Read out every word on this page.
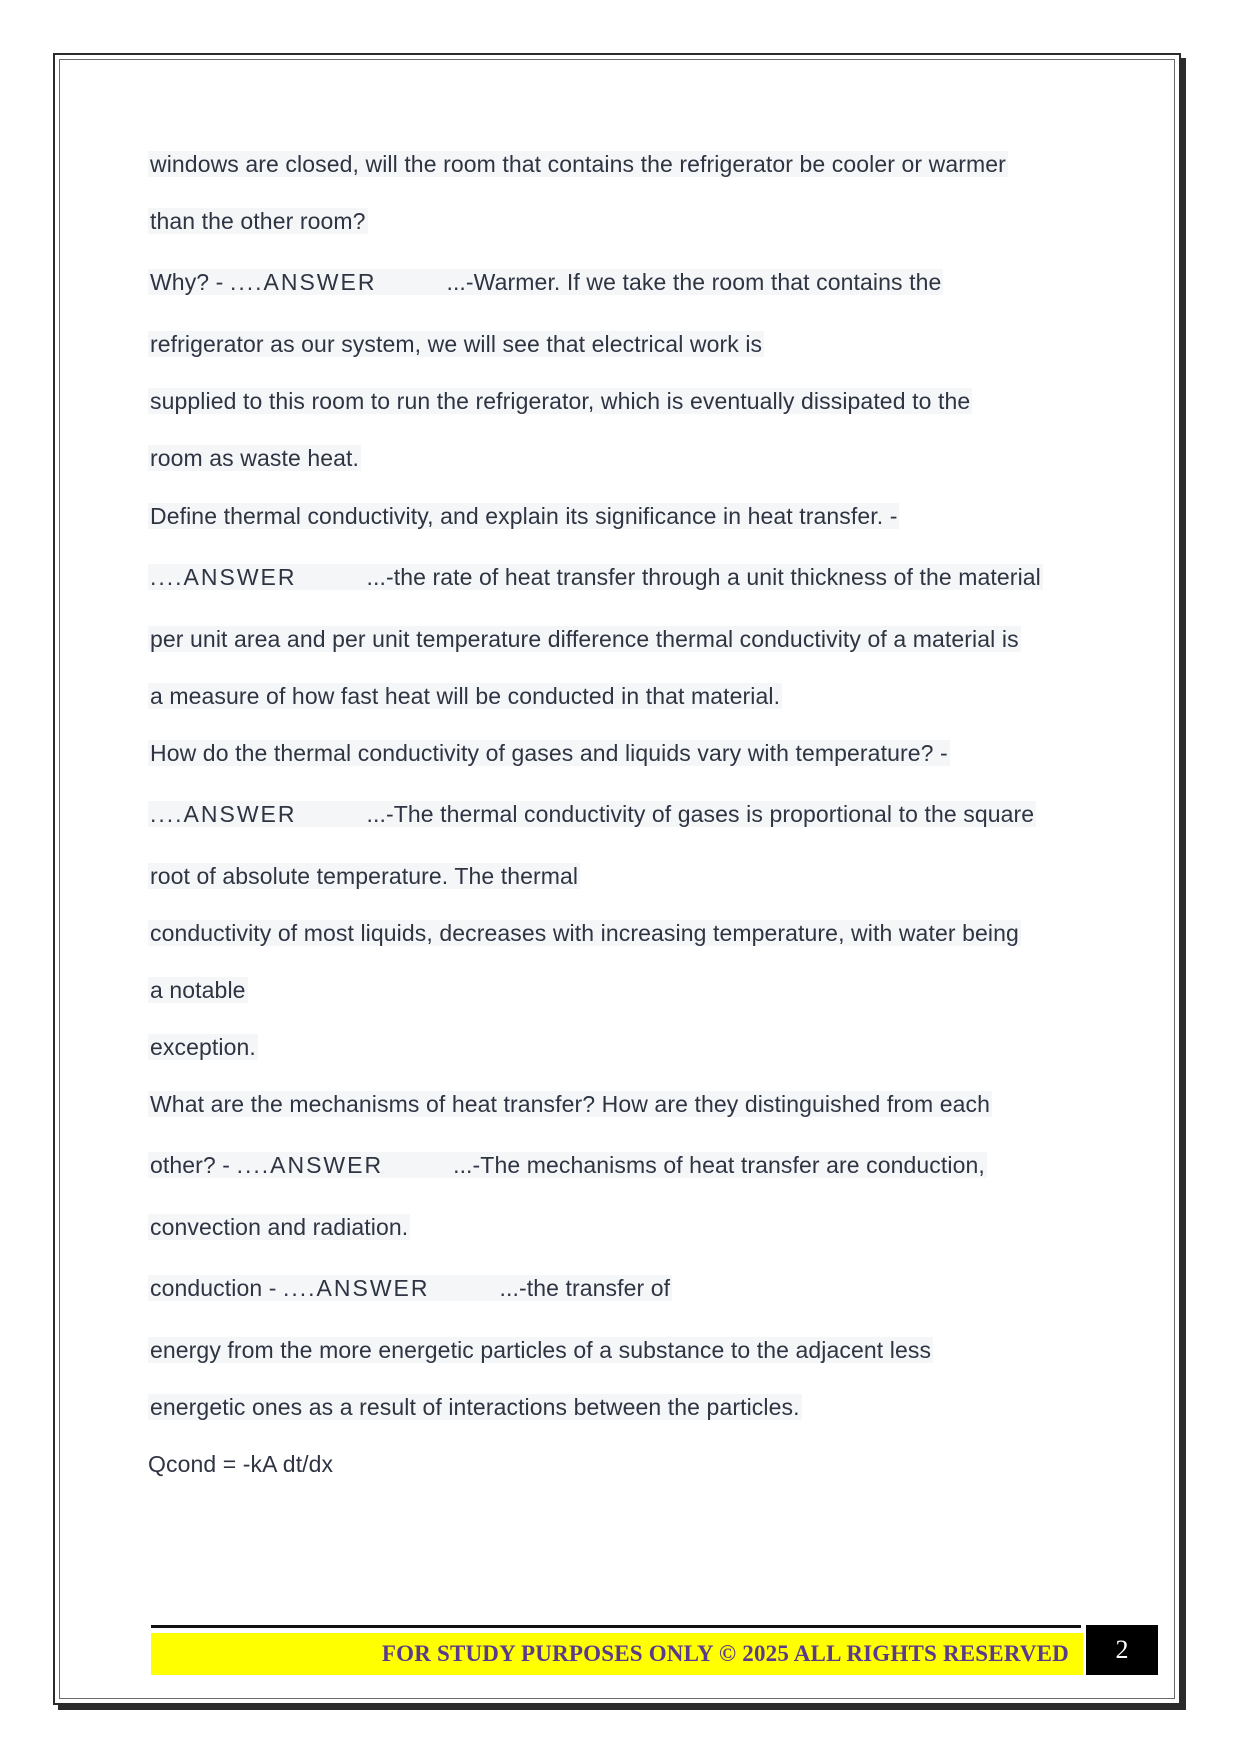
windows are closed, will the room that contains the refrigerator be cooler or warmer

than the other room?

Why? - ....ANSWER	...-Warmer. If we take the room that contains the

refrigerator as our system, we will see that electrical work is

supplied to this room to run the refrigerator, which is eventually dissipated to the

room as waste heat.

Define thermal conductivity, and explain its significance in heat transfer. -

....ANSWER	...-the rate of heat transfer through a unit thickness of the material

per unit area and per unit temperature difference thermal conductivity of a material is

a measure of how fast heat will be conducted in that material.

How do the thermal conductivity of gases and liquids vary with temperature? -

....ANSWER	...-The thermal conductivity of gases is proportional to the square

root of absolute temperature. The thermal

conductivity of most liquids, decreases with increasing temperature, with water being

a notable

exception.

What are the mechanisms of heat transfer? How are they distinguished from each

other? - ....ANSWER	...-The mechanisms of heat transfer are conduction,

convection and radiation.

conduction - ....ANSWER	...-the transfer of

energy from the more energetic particles of a substance to the adjacent less

energetic ones as a result of interactions between the particles.

Qcond = -kA dt/dx

FOR STUDY PURPOSES ONLY © 2025 ALL RIGHTS RESERVED 2
